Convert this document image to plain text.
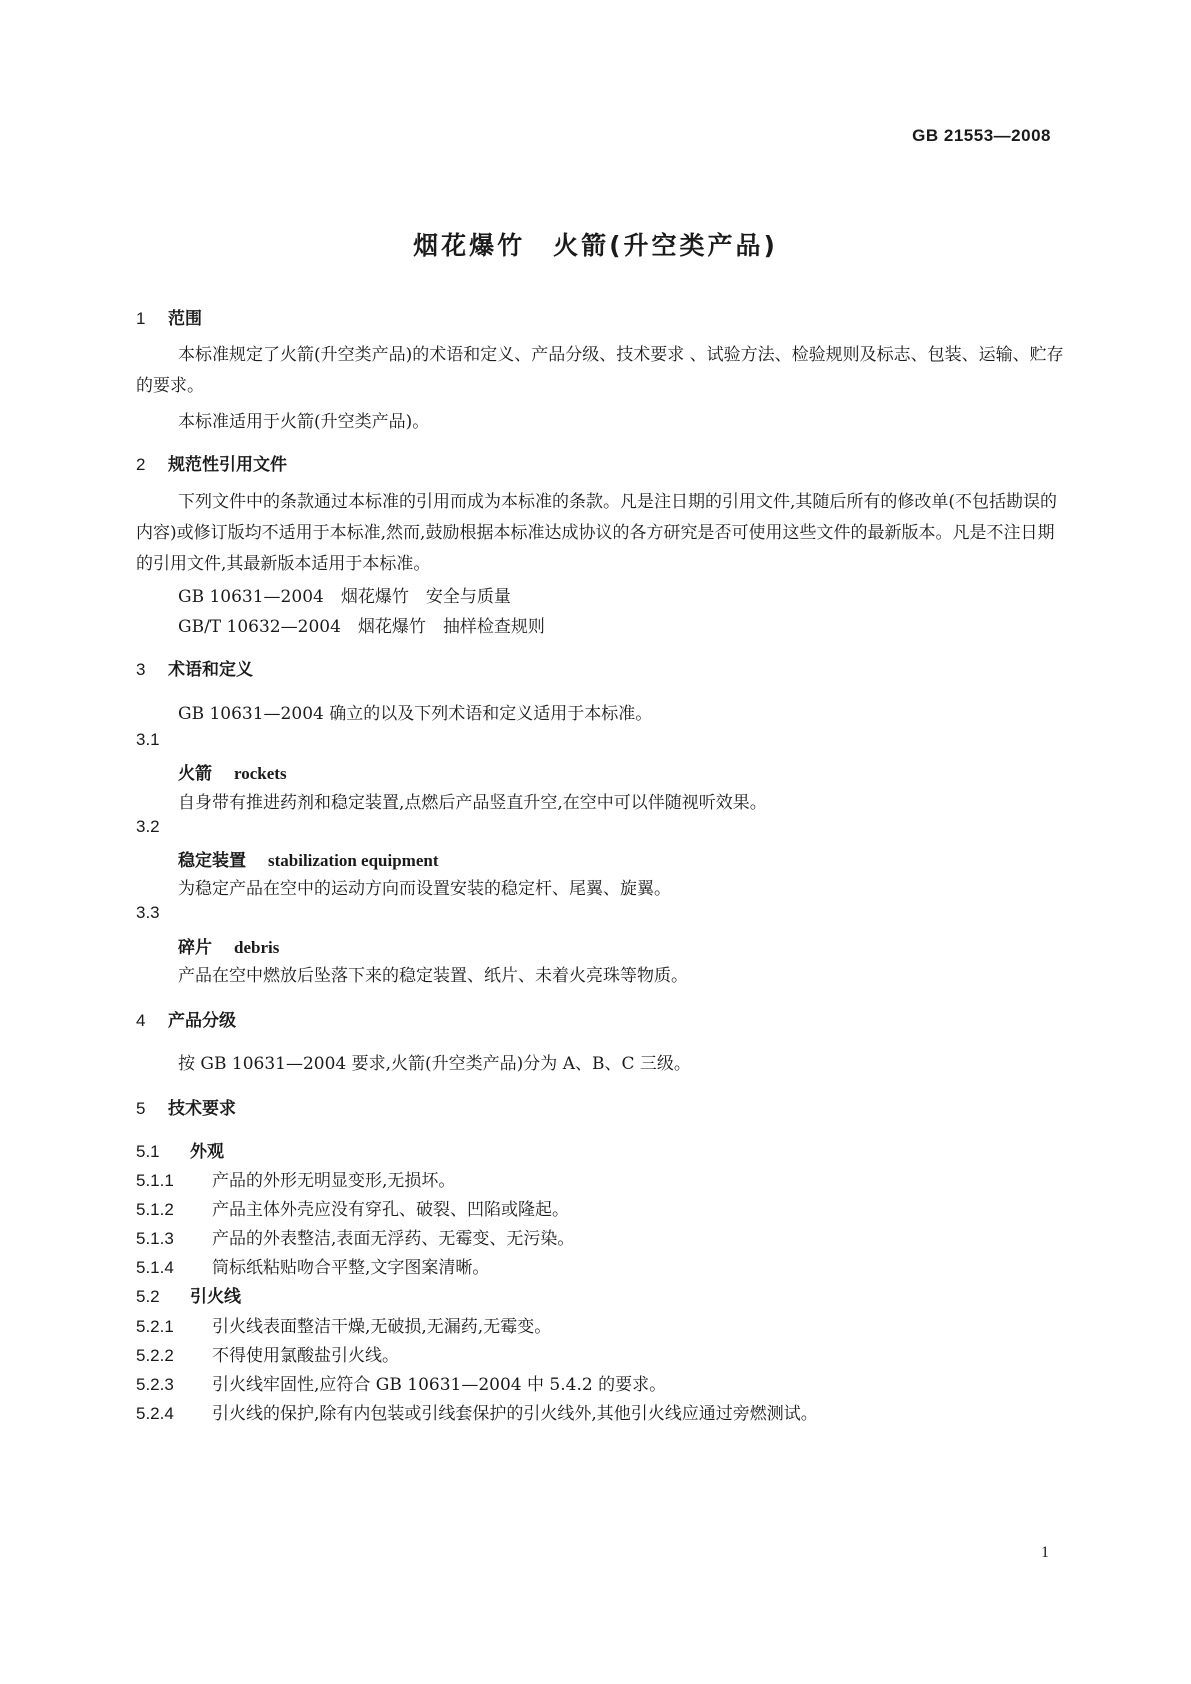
GB 21553—2008
烟花爆竹　火箭(升空类产品)
1 范围
本标准规定了火箭(升空类产品)的术语和定义、产品分级、技术要求 、试验方法、检验规则及标志、包装、运输、贮存的要求。
本标准适用于火箭(升空类产品)。
2 规范性引用文件
下列文件中的条款通过本标准的引用而成为本标准的条款。凡是注日期的引用文件,其随后所有的修改单(不包括勘误的内容)或修订版均不适用于本标准,然而,鼓励根据本标准达成协议的各方研究是否可使用这些文件的最新版本。凡是不注日期的引用文件,其最新版本适用于本标准。
GB 10631—2004　烟花爆竹　安全与质量
GB/T 10632—2004　烟花爆竹　抽样检查规则
3 术语和定义
GB 10631—2004 确立的以及下列术语和定义适用于本标准。
3.1
火箭 rockets
自身带有推进药剂和稳定装置,点燃后产品竖直升空,在空中可以伴随视听效果。
3.2
稳定装置 stabilization equipment
为稳定产品在空中的运动方向而设置安装的稳定杆、尾翼、旋翼。
3.3
碎片 debris
产品在空中燃放后坠落下来的稳定装置、纸片、未着火亮珠等物质。
4 产品分级
按 GB 10631—2004 要求,火箭(升空类产品)分为 A、B、C 三级。
5 技术要求
5.1 外观
5.1.1 产品的外形无明显变形,无损坏。
5.1.2 产品主体外壳应没有穿孔、破裂、凹陷或隆起。
5.1.3 产品的外表整洁,表面无浮药、无霉变、无污染。
5.1.4 筒标纸粘贴吻合平整,文字图案清晰。
5.2 引火线
5.2.1 引火线表面整洁干燥,无破损,无漏药,无霉变。
5.2.2 不得使用氯酸盐引火线。
5.2.3 引火线牢固性,应符合 GB 10631—2004 中 5.4.2 的要求。
5.2.4 引火线的保护,除有内包装或引线套保护的引火线外,其他引火线应通过旁燃测试。
1
